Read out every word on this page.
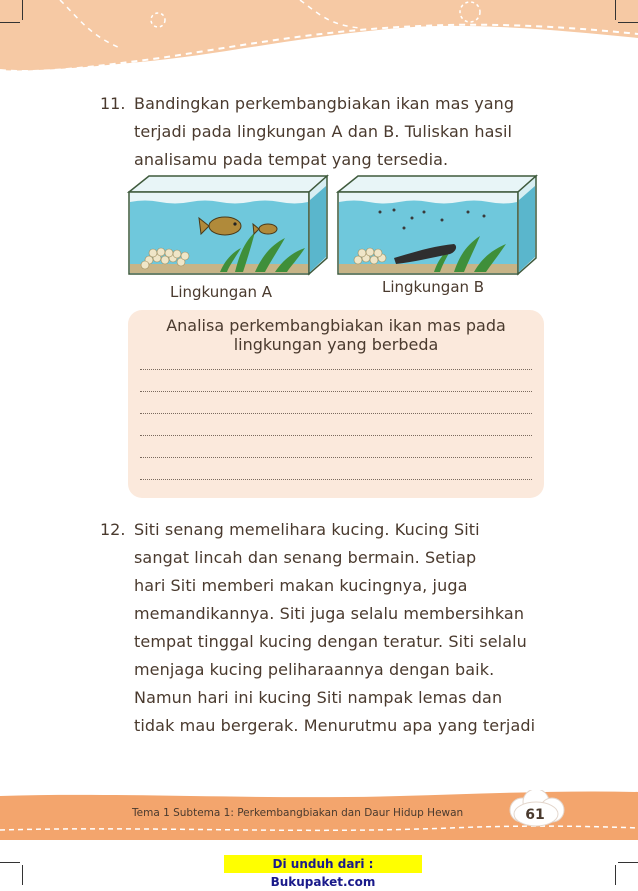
11. Bandingkan perkembangbiakan ikan mas yang
terjadi pada lingkungan A dan B. Tuliskan hasil
analisamu pada tempat yang tersedia.
Lingkungan A	Lingkungan B
Analisa perkembangbiakan ikan mas pada
lingkungan yang berbeda
12. Siti senang memelihara kucing. Kucing Siti
sangat lincah dan senang bermain. Setiap
hari Siti memberi makan kucingnya, juga
memandikannya. Siti juga selalu membersihkan
tempat tinggal kucing dengan teratur. Siti selalu
menjaga kucing peliharaannya dengan baik.
Namun hari ini kucing Siti nampak lemas dan
tidak mau bergerak. Menurutmu apa yang terjadi
Tema 1 Subtema 1: Perkembangbiakan dan Daur Hidup Hewan	61
Di unduh dari : Bukupaket.com
